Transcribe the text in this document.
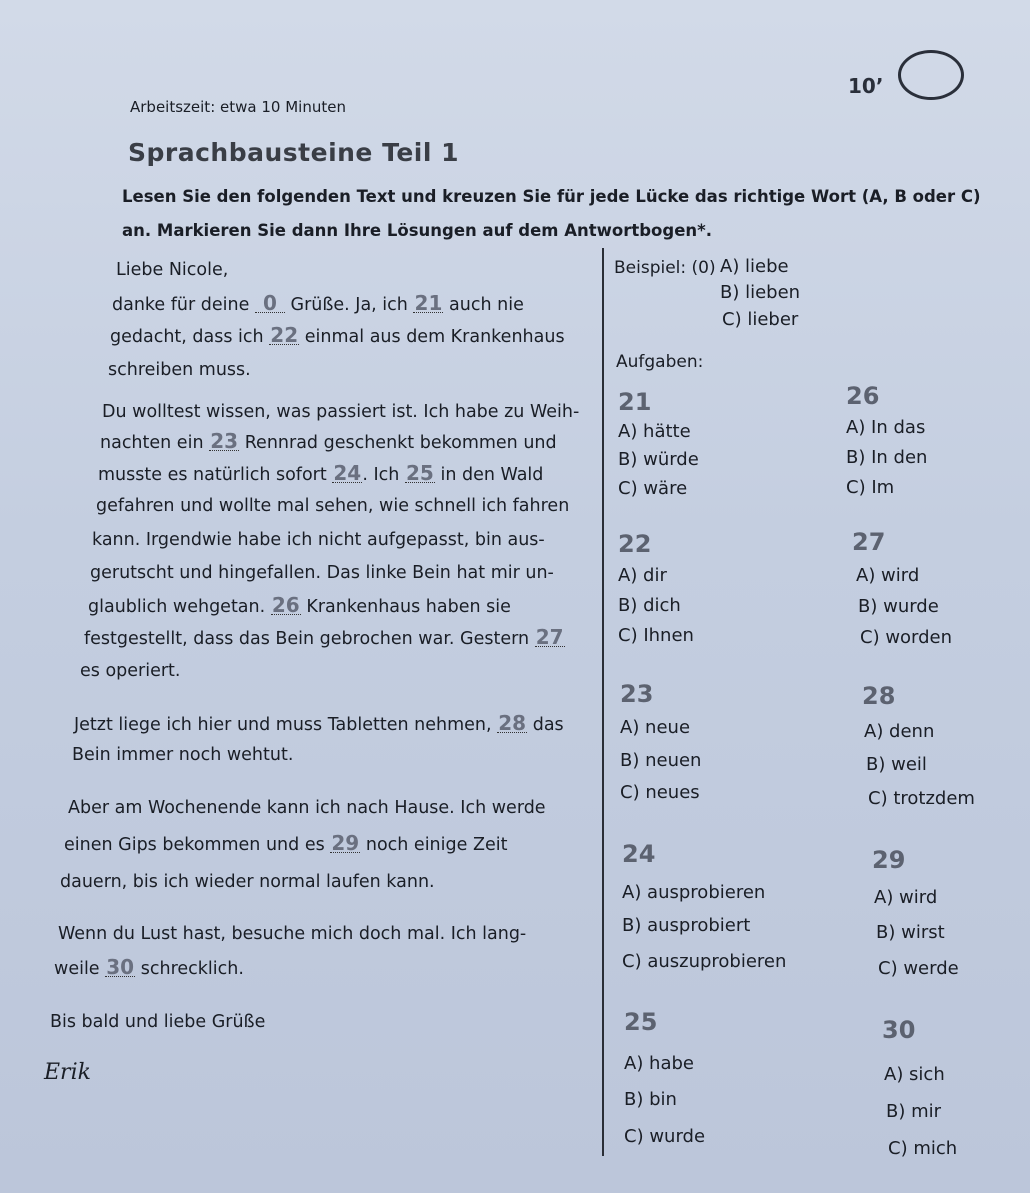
Arbeitszeit: etwa 10 Minuten
10’
Sprachbausteine Teil 1
Lesen Sie den folgenden Text und kreuzen Sie für jede Lücke das richtige Wort (A, B oder C) an. Markieren Sie dann Ihre Lösungen auf dem Antwortbogen*.
Liebe Nicole,
danke für deine 0 Grüße. Ja, ich 21 auch nie
gedacht, dass ich 22 einmal aus dem Krankenhaus
schreiben muss.
Du wolltest wissen, was passiert ist. Ich habe zu Weih-
nachten ein 23 Rennrad geschenkt bekommen und
musste es natürlich sofort 24. Ich 25 in den Wald
gefahren und wollte mal sehen, wie schnell ich fahren
kann. Irgendwie habe ich nicht aufgepasst, bin aus-
gerutscht und hingefallen. Das linke Bein hat mir un-
glaublich wehgetan. 26 Krankenhaus haben sie
festgestellt, dass das Bein gebrochen war. Gestern 27
es operiert.
Jetzt liege ich hier und muss Tabletten nehmen, 28 das
Bein immer noch wehtut.
Aber am Wochenende kann ich nach Hause. Ich werde
einen Gips bekommen und es 29 noch einige Zeit
dauern, bis ich wieder normal laufen kann.
Wenn du Lust hast, besuche mich doch mal. Ich lang-
weile 30 schrecklich.
Bis bald und liebe Grüße
Erik
Beispiel: (0) A) liebe
B) lieben
C) lieber
Aufgaben:
21
A) hätte
B) würde
C) wäre
22
A) dir
B) dich
C) Ihnen
23
A) neue
B) neuen
C) neues
24
A) ausprobieren
B) ausprobiert
C) auszuprobieren
25
A) habe
B) bin
C) wurde
26
A) In das
B) In den
C) Im
27
A) wird
B) wurde
C) worden
28
A) denn
B) weil
C) trotzdem
29
A) wird
B) wirst
C) werde
30
A) sich
B) mir
C) mich
